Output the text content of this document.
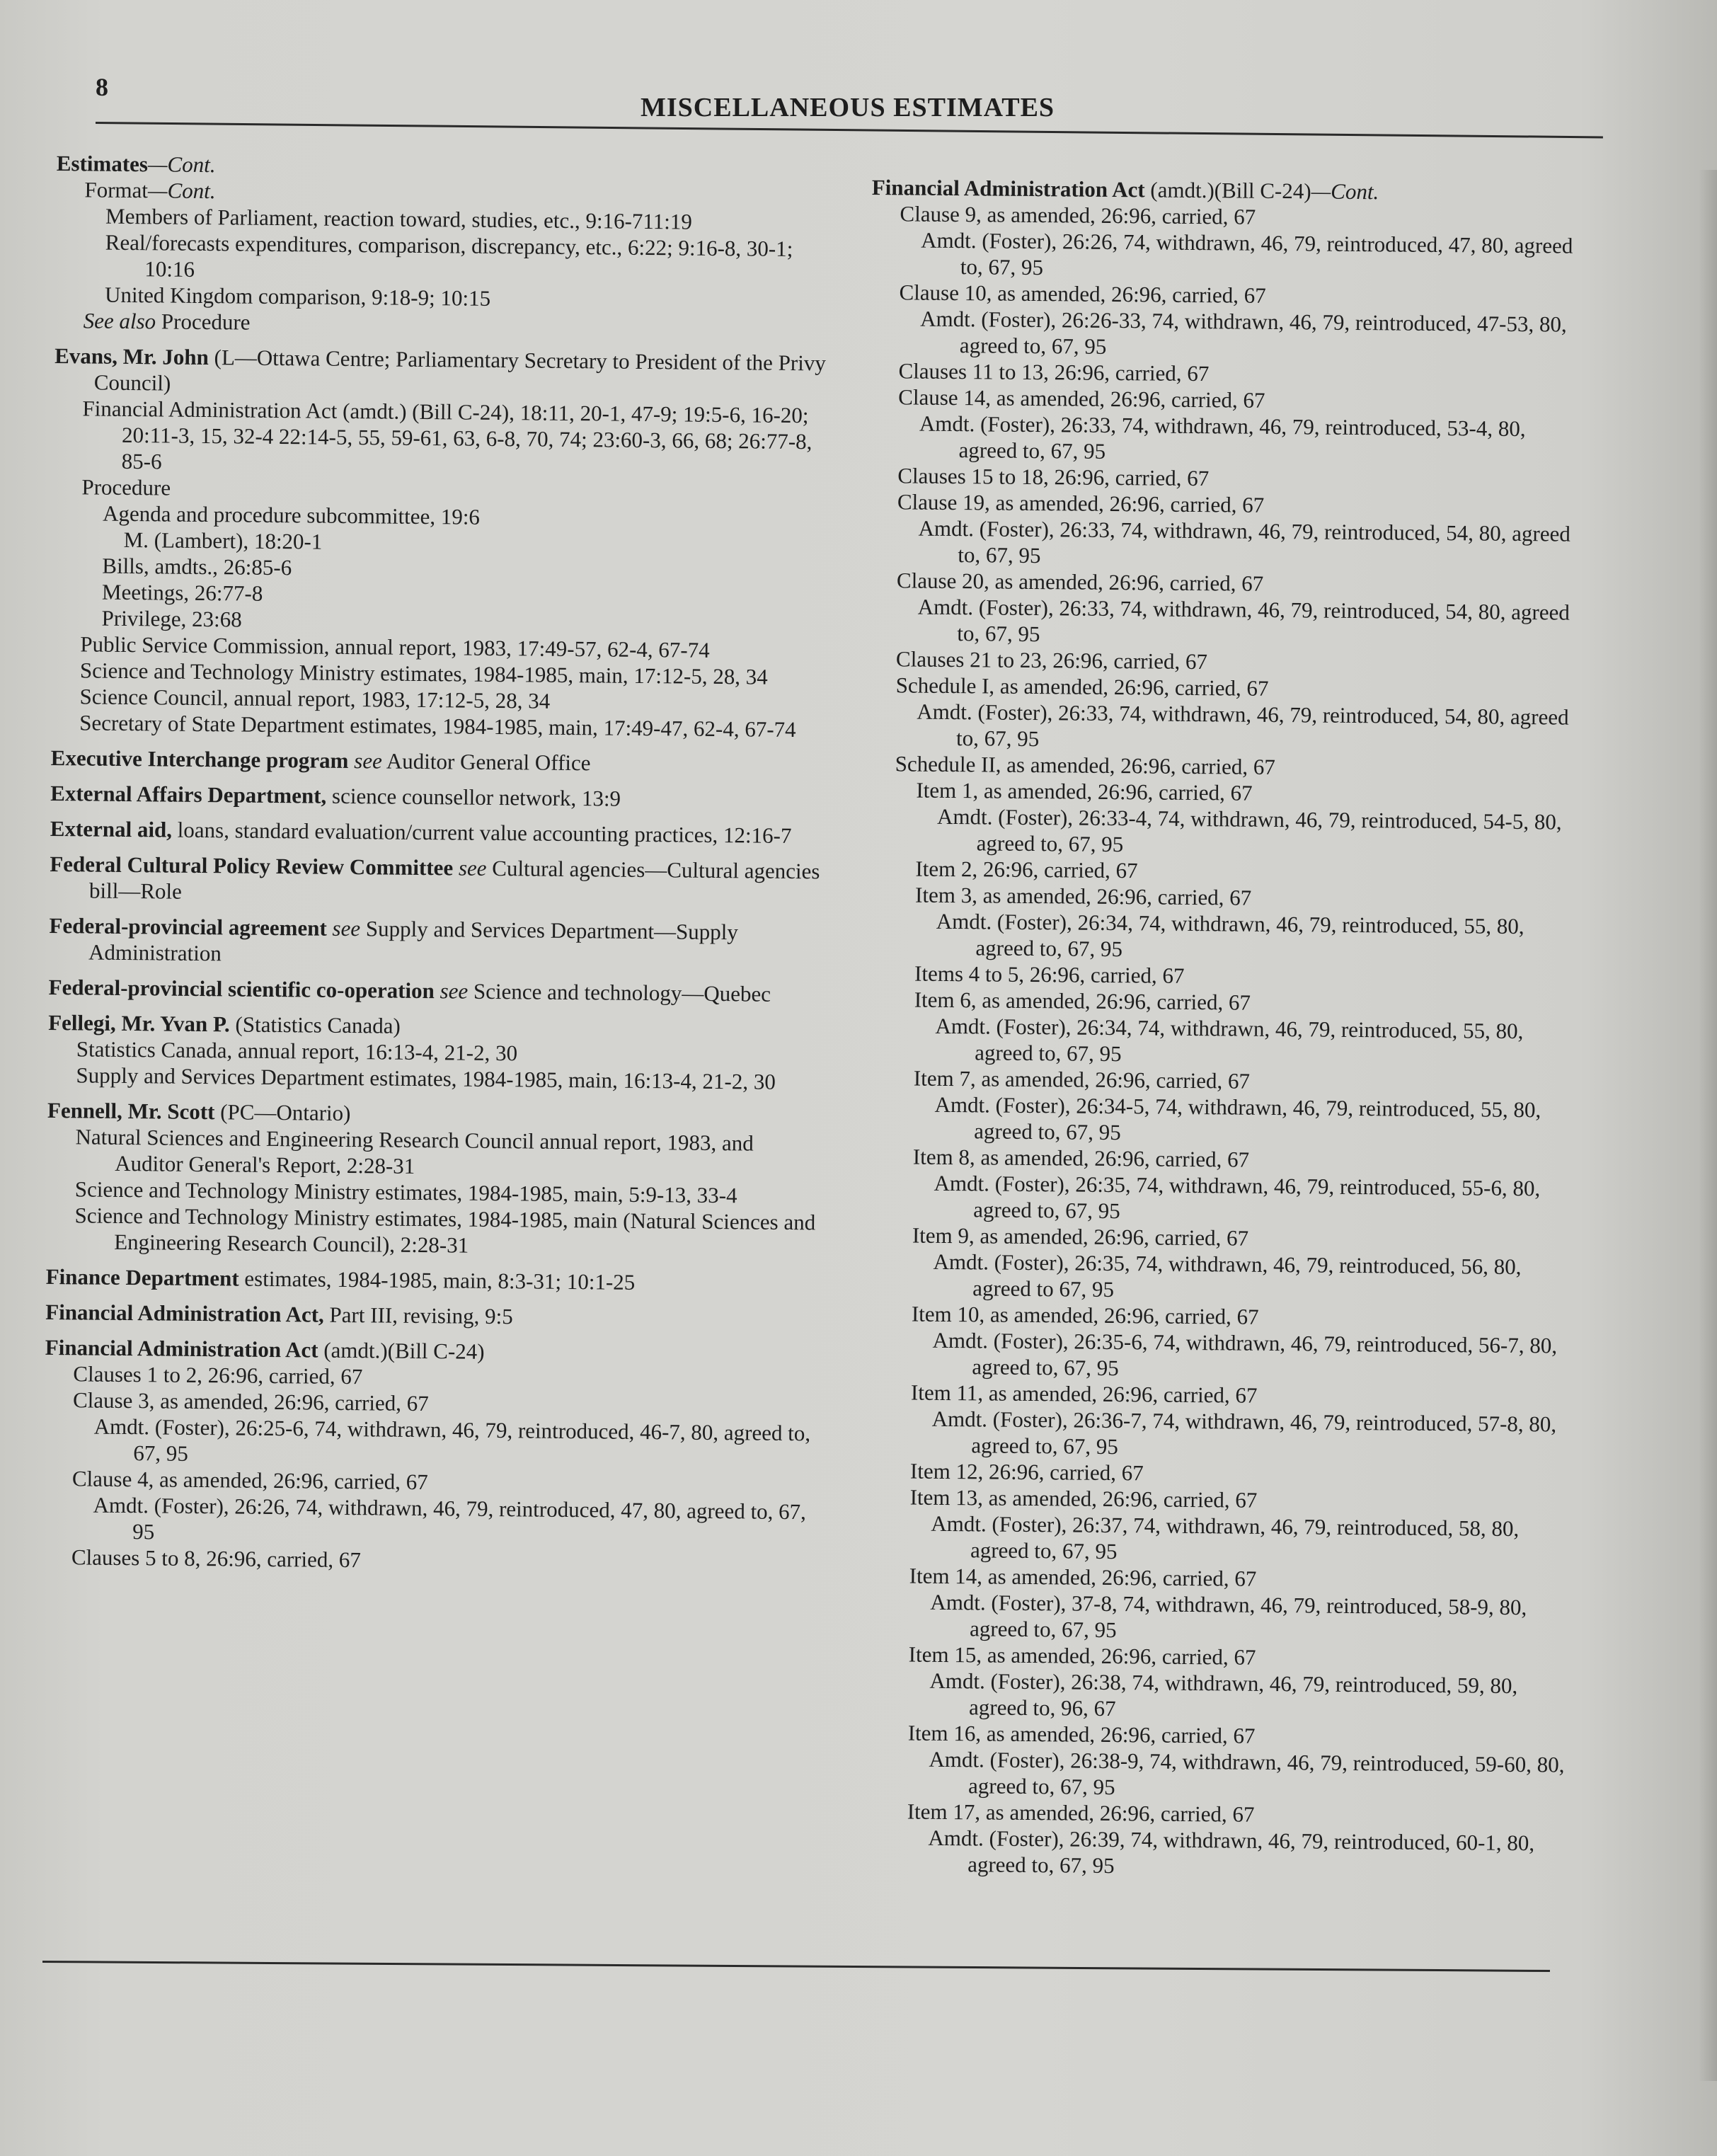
8
MISCELLANEOUS ESTIMATES
Estimates—Cont.
Format—Cont.
Members of Parliament, reaction toward, studies, etc., 9:16-711:19
Real/forecasts expenditures, comparison, discrepancy, etc., 6:22; 9:16-8, 30-1; 10:16
United Kingdom comparison, 9:18-9; 10:15
See also Procedure
Evans, Mr. John (L—Ottawa Centre; Parliamentary Secretary to President of the Privy Council)
Financial Administration Act (amdt.) (Bill C-24), 18:11, 20-1, 47-9; 19:5-6, 16-20; 20:11-3, 15, 32-4 22:14-5, 55, 59-61, 63, 6-8, 70, 74; 23:60-3, 66, 68; 26:77-8, 85-6
Procedure
Agenda and procedure subcommittee, 19:6
M. (Lambert), 18:20-1
Bills, amdts., 26:85-6
Meetings, 26:77-8
Privilege, 23:68
Public Service Commission, annual report, 1983, 17:49-57, 62-4, 67-74
Science and Technology Ministry estimates, 1984-1985, main, 17:12-5, 28, 34
Science Council, annual report, 1983, 17:12-5, 28, 34
Secretary of State Department estimates, 1984-1985, main, 17:49-47, 62-4, 67-74
Executive Interchange program see Auditor General Office
External Affairs Department, science counsellor network, 13:9
External aid, loans, standard evaluation/current value accounting practices, 12:16-7
Federal Cultural Policy Review Committee see Cultural agencies—Cultural agencies bill—Role
Federal-provincial agreement see Supply and Services Department—Supply Administration
Federal-provincial scientific co-operation see Science and technology—Quebec
Fellegi, Mr. Yvan P. (Statistics Canada)
Statistics Canada, annual report, 16:13-4, 21-2, 30
Supply and Services Department estimates, 1984-1985, main, 16:13-4, 21-2, 30
Fennell, Mr. Scott (PC—Ontario)
Natural Sciences and Engineering Research Council annual report, 1983, and Auditor General's Report, 2:28-31
Science and Technology Ministry estimates, 1984-1985, main, 5:9-13, 33-4
Science and Technology Ministry estimates, 1984-1985, main (Natural Sciences and Engineering Research Council), 2:28-31
Finance Department estimates, 1984-1985, main, 8:3-31; 10:1-25
Financial Administration Act, Part III, revising, 9:5
Financial Administration Act (amdt.)(Bill C-24)
Clauses 1 to 2, 26:96, carried, 67
Clause 3, as amended, 26:96, carried, 67
Amdt. (Foster), 26:25-6, 74, withdrawn, 46, 79, reintroduced, 46-7, 80, agreed to, 67, 95
Clause 4, as amended, 26:96, carried, 67
Amdt. (Foster), 26:26, 74, withdrawn, 46, 79, reintroduced, 47, 80, agreed to, 67, 95
Clauses 5 to 8, 26:96, carried, 67
Financial Administration Act (amdt.)(Bill C-24)—Cont.
Clause 9, as amended, 26:96, carried, 67
Amdt. (Foster), 26:26, 74, withdrawn, 46, 79, reintroduced, 47, 80, agreed to, 67, 95
Clause 10, as amended, 26:96, carried, 67
Amdt. (Foster), 26:26-33, 74, withdrawn, 46, 79, reintroduced, 47-53, 80, agreed to, 67, 95
Clauses 11 to 13, 26:96, carried, 67
Clause 14, as amended, 26:96, carried, 67
Amdt. (Foster), 26:33, 74, withdrawn, 46, 79, reintroduced, 53-4, 80, agreed to, 67, 95
Clauses 15 to 18, 26:96, carried, 67
Clause 19, as amended, 26:96, carried, 67
Amdt. (Foster), 26:33, 74, withdrawn, 46, 79, reintroduced, 54, 80, agreed to, 67, 95
Clause 20, as amended, 26:96, carried, 67
Amdt. (Foster), 26:33, 74, withdrawn, 46, 79, reintroduced, 54, 80, agreed to, 67, 95
Clauses 21 to 23, 26:96, carried, 67
Schedule I, as amended, 26:96, carried, 67
Amdt. (Foster), 26:33, 74, withdrawn, 46, 79, reintroduced, 54, 80, agreed to, 67, 95
Schedule II, as amended, 26:96, carried, 67
Item 1, as amended, 26:96, carried, 67
Amdt. (Foster), 26:33-4, 74, withdrawn, 46, 79, reintroduced, 54-5, 80, agreed to, 67, 95
Item 2, 26:96, carried, 67
Item 3, as amended, 26:96, carried, 67
Amdt. (Foster), 26:34, 74, withdrawn, 46, 79, reintroduced, 55, 80, agreed to, 67, 95
Items 4 to 5, 26:96, carried, 67
Item 6, as amended, 26:96, carried, 67
Amdt. (Foster), 26:34, 74, withdrawn, 46, 79, reintroduced, 55, 80, agreed to, 67, 95
Item 7, as amended, 26:96, carried, 67
Amdt. (Foster), 26:34-5, 74, withdrawn, 46, 79, reintroduced, 55, 80, agreed to, 67, 95
Item 8, as amended, 26:96, carried, 67
Amdt. (Foster), 26:35, 74, withdrawn, 46, 79, reintroduced, 55-6, 80, agreed to, 67, 95
Item 9, as amended, 26:96, carried, 67
Amdt. (Foster), 26:35, 74, withdrawn, 46, 79, reintroduced, 56, 80, agreed to 67, 95
Item 10, as amended, 26:96, carried, 67
Amdt. (Foster), 26:35-6, 74, withdrawn, 46, 79, reintroduced, 56-7, 80, agreed to, 67, 95
Item 11, as amended, 26:96, carried, 67
Amdt. (Foster), 26:36-7, 74, withdrawn, 46, 79, reintroduced, 57-8, 80, agreed to, 67, 95
Item 12, 26:96, carried, 67
Item 13, as amended, 26:96, carried, 67
Amdt. (Foster), 26:37, 74, withdrawn, 46, 79, reintroduced, 58, 80, agreed to, 67, 95
Item 14, as amended, 26:96, carried, 67
Amdt. (Foster), 37-8, 74, withdrawn, 46, 79, reintroduced, 58-9, 80, agreed to, 67, 95
Item 15, as amended, 26:96, carried, 67
Amdt. (Foster), 26:38, 74, withdrawn, 46, 79, reintroduced, 59, 80, agreed to, 96, 67
Item 16, as amended, 26:96, carried, 67
Amdt. (Foster), 26:38-9, 74, withdrawn, 46, 79, reintroduced, 59-60, 80, agreed to, 67, 95
Item 17, as amended, 26:96, carried, 67
Amdt. (Foster), 26:39, 74, withdrawn, 46, 79, reintroduced, 60-1, 80, agreed to, 67, 95
